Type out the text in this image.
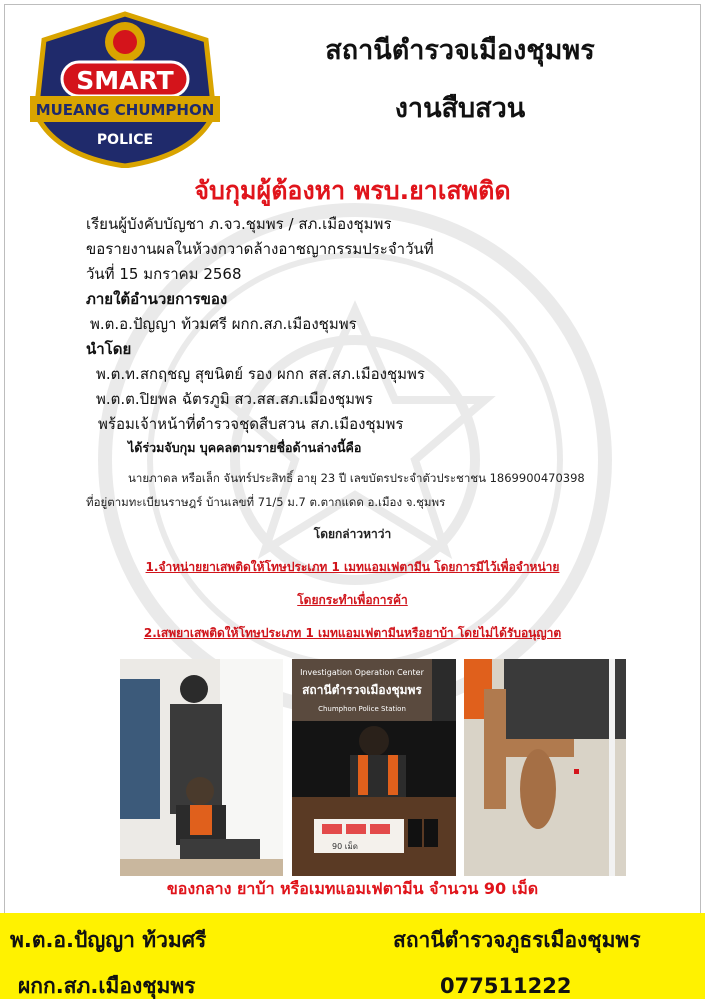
SMART
MUEANG CHUMPHON
POLICE
สถานีตำรวจเมืองชุมพร
งานสืบสวน
จับกุมผู้ต้องหา พรบ.ยาเสพติด
เรียนผู้บังคับบัญชา ภ.จว.ชุมพร / สภ.เมืองชุมพร
ขอรายงานผลในห้วงกวาดล้างอาชญากรรมประจำวันที่
วันที่ 15 มกราคม 2568
ภายใต้อำนวยการของ
พ.ต.อ.ปัญญา ท้วมศรี ผกก.สภ.เมืองชุมพร
นำโดย
พ.ต.ท.สกฤชญ สุขนิตย์ รอง ผกก สส.สภ.เมืองชุมพร
พ.ต.ต.ปิยพล ฉัตรภูมิ สว.สส.สภ.เมืองชุมพร
พร้อมเจ้าหน้าที่ตำรวจชุดสืบสวน สภ.เมืองชุมพร
ได้ร่วมจับกุม บุคคลตามรายชื่อด้านล่างนี้คือ
นายภาดล หรือเล็ก จันทร์ประสิทธิ์ อายุ 23 ปี เลขบัตรประจำตัวประชาชน 1869900470398
ที่อยู่ตามทะเบียนราษฎร์ บ้านเลขที่ 71/5 ม.7 ต.ตากแดด อ.เมือง จ.ชุมพร
โดยกล่าวหาว่า
1.จำหน่ายยาเสพติดให้โทษประเภท 1 เมทแอมเฟตามีน โดยการมีไว้เพื่อจำหน่าย
โดยกระทำเพื่อการค้า
2.เสพยาเสพติดให้โทษประเภท 1 เมทแอมเฟตามีนหรือยาบ้า โดยไม่ได้รับอนุญาต
Investigation Operation Center
สถานีตำรวจเมืองชุมพร
Chumphon Police Station
90 เม็ด
ของกลาง ยาบ้า หรือเมทแอมเฟตามีน จำนวน 90 เม็ด
พ.ต.อ.ปัญญา ท้วมศรี
ผกก.สภ.เมืองชุมพร
สถานีตำรวจภูธรเมืองชุมพร
077511222
